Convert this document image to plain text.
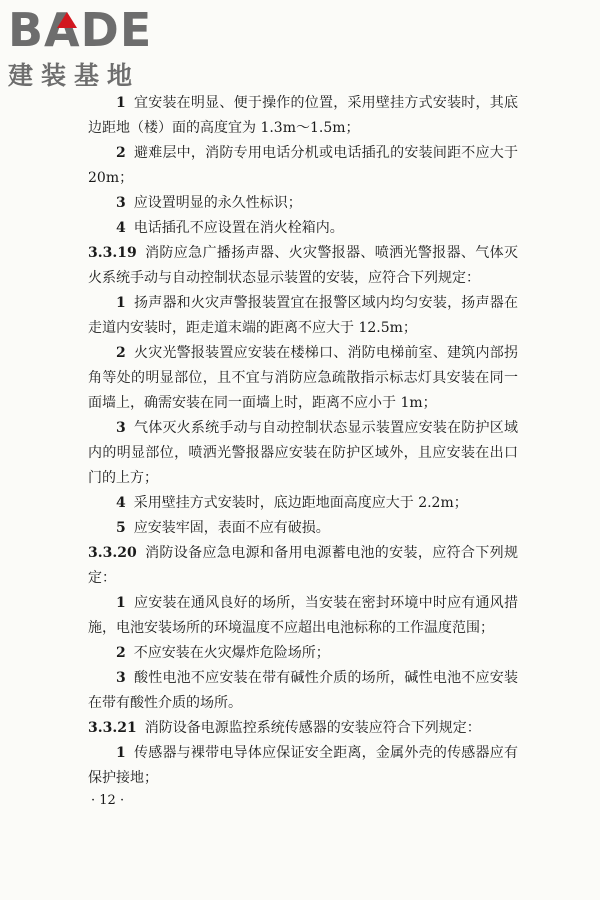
BADE
建装基地
1 宜安装在明显、便于操作的位置，采用壁挂方式安装时，其底边距地（楼）面的高度宜为 1.3m～1.5m；
2 避难层中，消防专用电话分机或电话插孔的安装间距不应大于 20m；
3 应设置明显的永久性标识；
4 电话插孔不应设置在消火栓箱内。
3.3.19 消防应急广播扬声器、火灾警报器、喷洒光警报器、气体灭火系统手动与自动控制状态显示装置的安装，应符合下列规定：
1 扬声器和火灾声警报装置宜在报警区域内均匀安装，扬声器在走道内安装时，距走道末端的距离不应大于 12.5m；
2 火灾光警报装置应安装在楼梯口、消防电梯前室、建筑内部拐角等处的明显部位，且不宜与消防应急疏散指示标志灯具安装在同一面墙上，确需安装在同一面墙上时，距离不应小于 1m；
3 气体灭火系统手动与自动控制状态显示装置应安装在防护区域内的明显部位，喷洒光警报器应安装在防护区域外，且应安装在出口门的上方；
4 采用壁挂方式安装时，底边距地面高度应大于 2.2m；
5 应安装牢固，表面不应有破损。
3.3.20 消防设备应急电源和备用电源蓄电池的安装，应符合下列规定：
1 应安装在通风良好的场所，当安装在密封环境中时应有通风措施，电池安装场所的环境温度不应超出电池标称的工作温度范围；
2 不应安装在火灾爆炸危险场所；
3 酸性电池不应安装在带有碱性介质的场所，碱性电池不应安装在带有酸性介质的场所。
3.3.21 消防设备电源监控系统传感器的安装应符合下列规定：
1 传感器与裸带电导体应保证安全距离，金属外壳的传感器应有保护接地；
· 12 ·
